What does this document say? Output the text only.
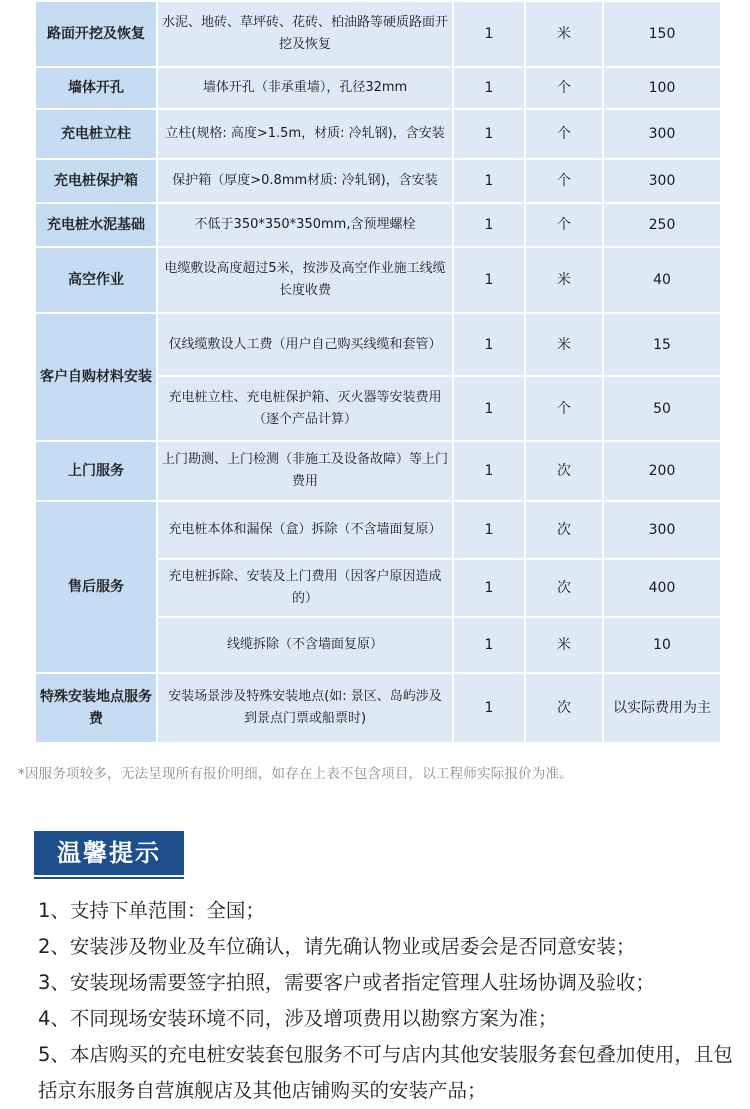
路面开挖及恢复	水泥、地砖、草坪砖、花砖、柏油路等硬质路面开挖及恢复	1	米	150
墙体开孔	墙体开孔（非承重墙），孔径32mm	1	个	100
充电桩立柱	立柱(规格: 高度>1.5m，材质: 冷轧钢)，含安装	1	个	300
充电桩保护箱	保护箱（厚度>0.8mm材质: 冷轧钢)，含安装	1	个	300
充电桩水泥基础	不低于350*350*350mm,含预埋螺栓	1	个	250
高空作业	电缆敷设高度超过5米，按涉及高空作业施工线缆长度收费	1	米	40
客户自购材料安装	仅线缆敷设人工费（用户自己购买线缆和套管）	1	米	15
	充电桩立柱、充电桩保护箱、灭火器等安装费用（逐个产品计算）	1	个	50
上门服务	上门勘测、上门检测（非施工及设备故障）等上门费用	1	次	200
售后服务	充电桩本体和漏保（盒）拆除（不含墙面复原）	1	次	300
	充电桩拆除、安装及上门费用（因客户原因造成的）	1	次	400
	线缆拆除（不含墙面复原）	1	米	10
特殊安装地点服务费	安装场景涉及特殊安装地点(如: 景区、岛屿涉及到景点门票或船票时)	1	次	以实际费用为主
*因服务项较多，无法呈现所有报价明细，如存在上表不包含项目，以工程师实际报价为准。
温馨提示
1、支持下单范围：全国；
2、安装涉及物业及车位确认，请先确认物业或居委会是否同意安装；
3、安装现场需要签字拍照，需要客户或者指定管理人驻场协调及验收；
4、不同现场安装环境不同，涉及增项费用以勘察方案为准；
5、本店购买的充电桩安装套包服务不可与店内其他安装服务套包叠加使用，且包括京东服务自营旗舰店及其他店铺购买的安装产品；
